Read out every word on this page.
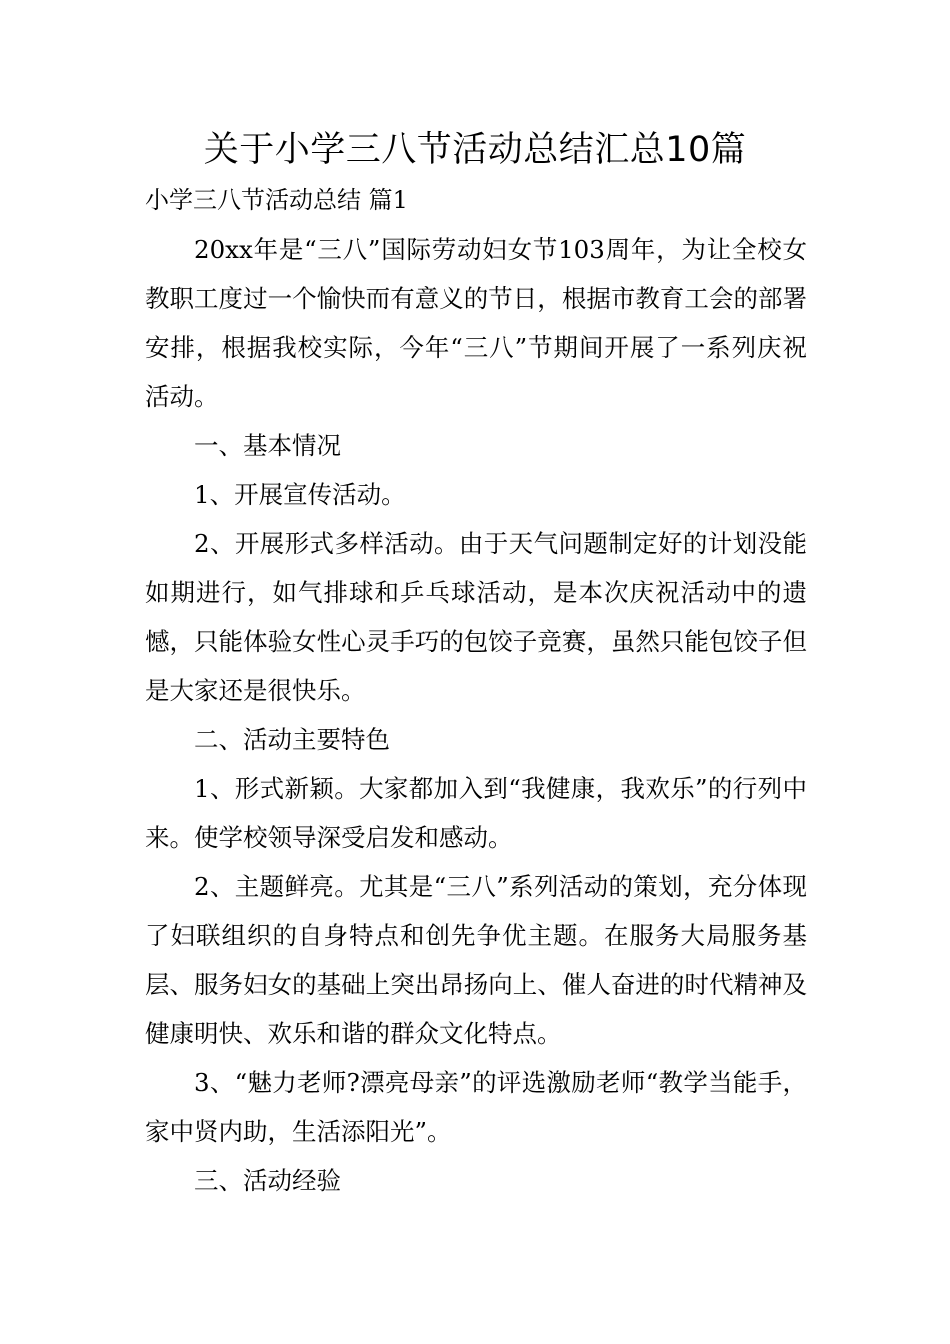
关于小学三八节活动总结汇总10篇

小学三八节活动总结 篇1

20xx年是“三八”国际劳动妇女节103周年，为让全校女教职工度过一个愉快而有意义的节日，根据市教育工会的部署安排，根据我校实际，今年“三八”节期间开展了一系列庆祝活动。

一、基本情况

1、开展宣传活动。

2、开展形式多样活动。由于天气问题制定好的计划没能如期进行，如气排球和乒乓球活动，是本次庆祝活动中的遗憾，只能体验女性心灵手巧的包饺子竞赛，虽然只能包饺子但是大家还是很快乐。

二、活动主要特色

1、形式新颖。大家都加入到“我健康，我欢乐”的行列中来。使学校领导深受启发和感动。

2、主题鲜亮。尤其是“三八”系列活动的策划，充分体现了妇联组织的自身特点和创先争优主题。在服务大局服务基层、服务妇女的基础上突出昂扬向上、催人奋进的时代精神及健康明快、欢乐和谐的群众文化特点。

3、“魅力老师?漂亮母亲”的评选激励老师“教学当能手，家中贤内助，生活添阳光”。

三、活动经验
